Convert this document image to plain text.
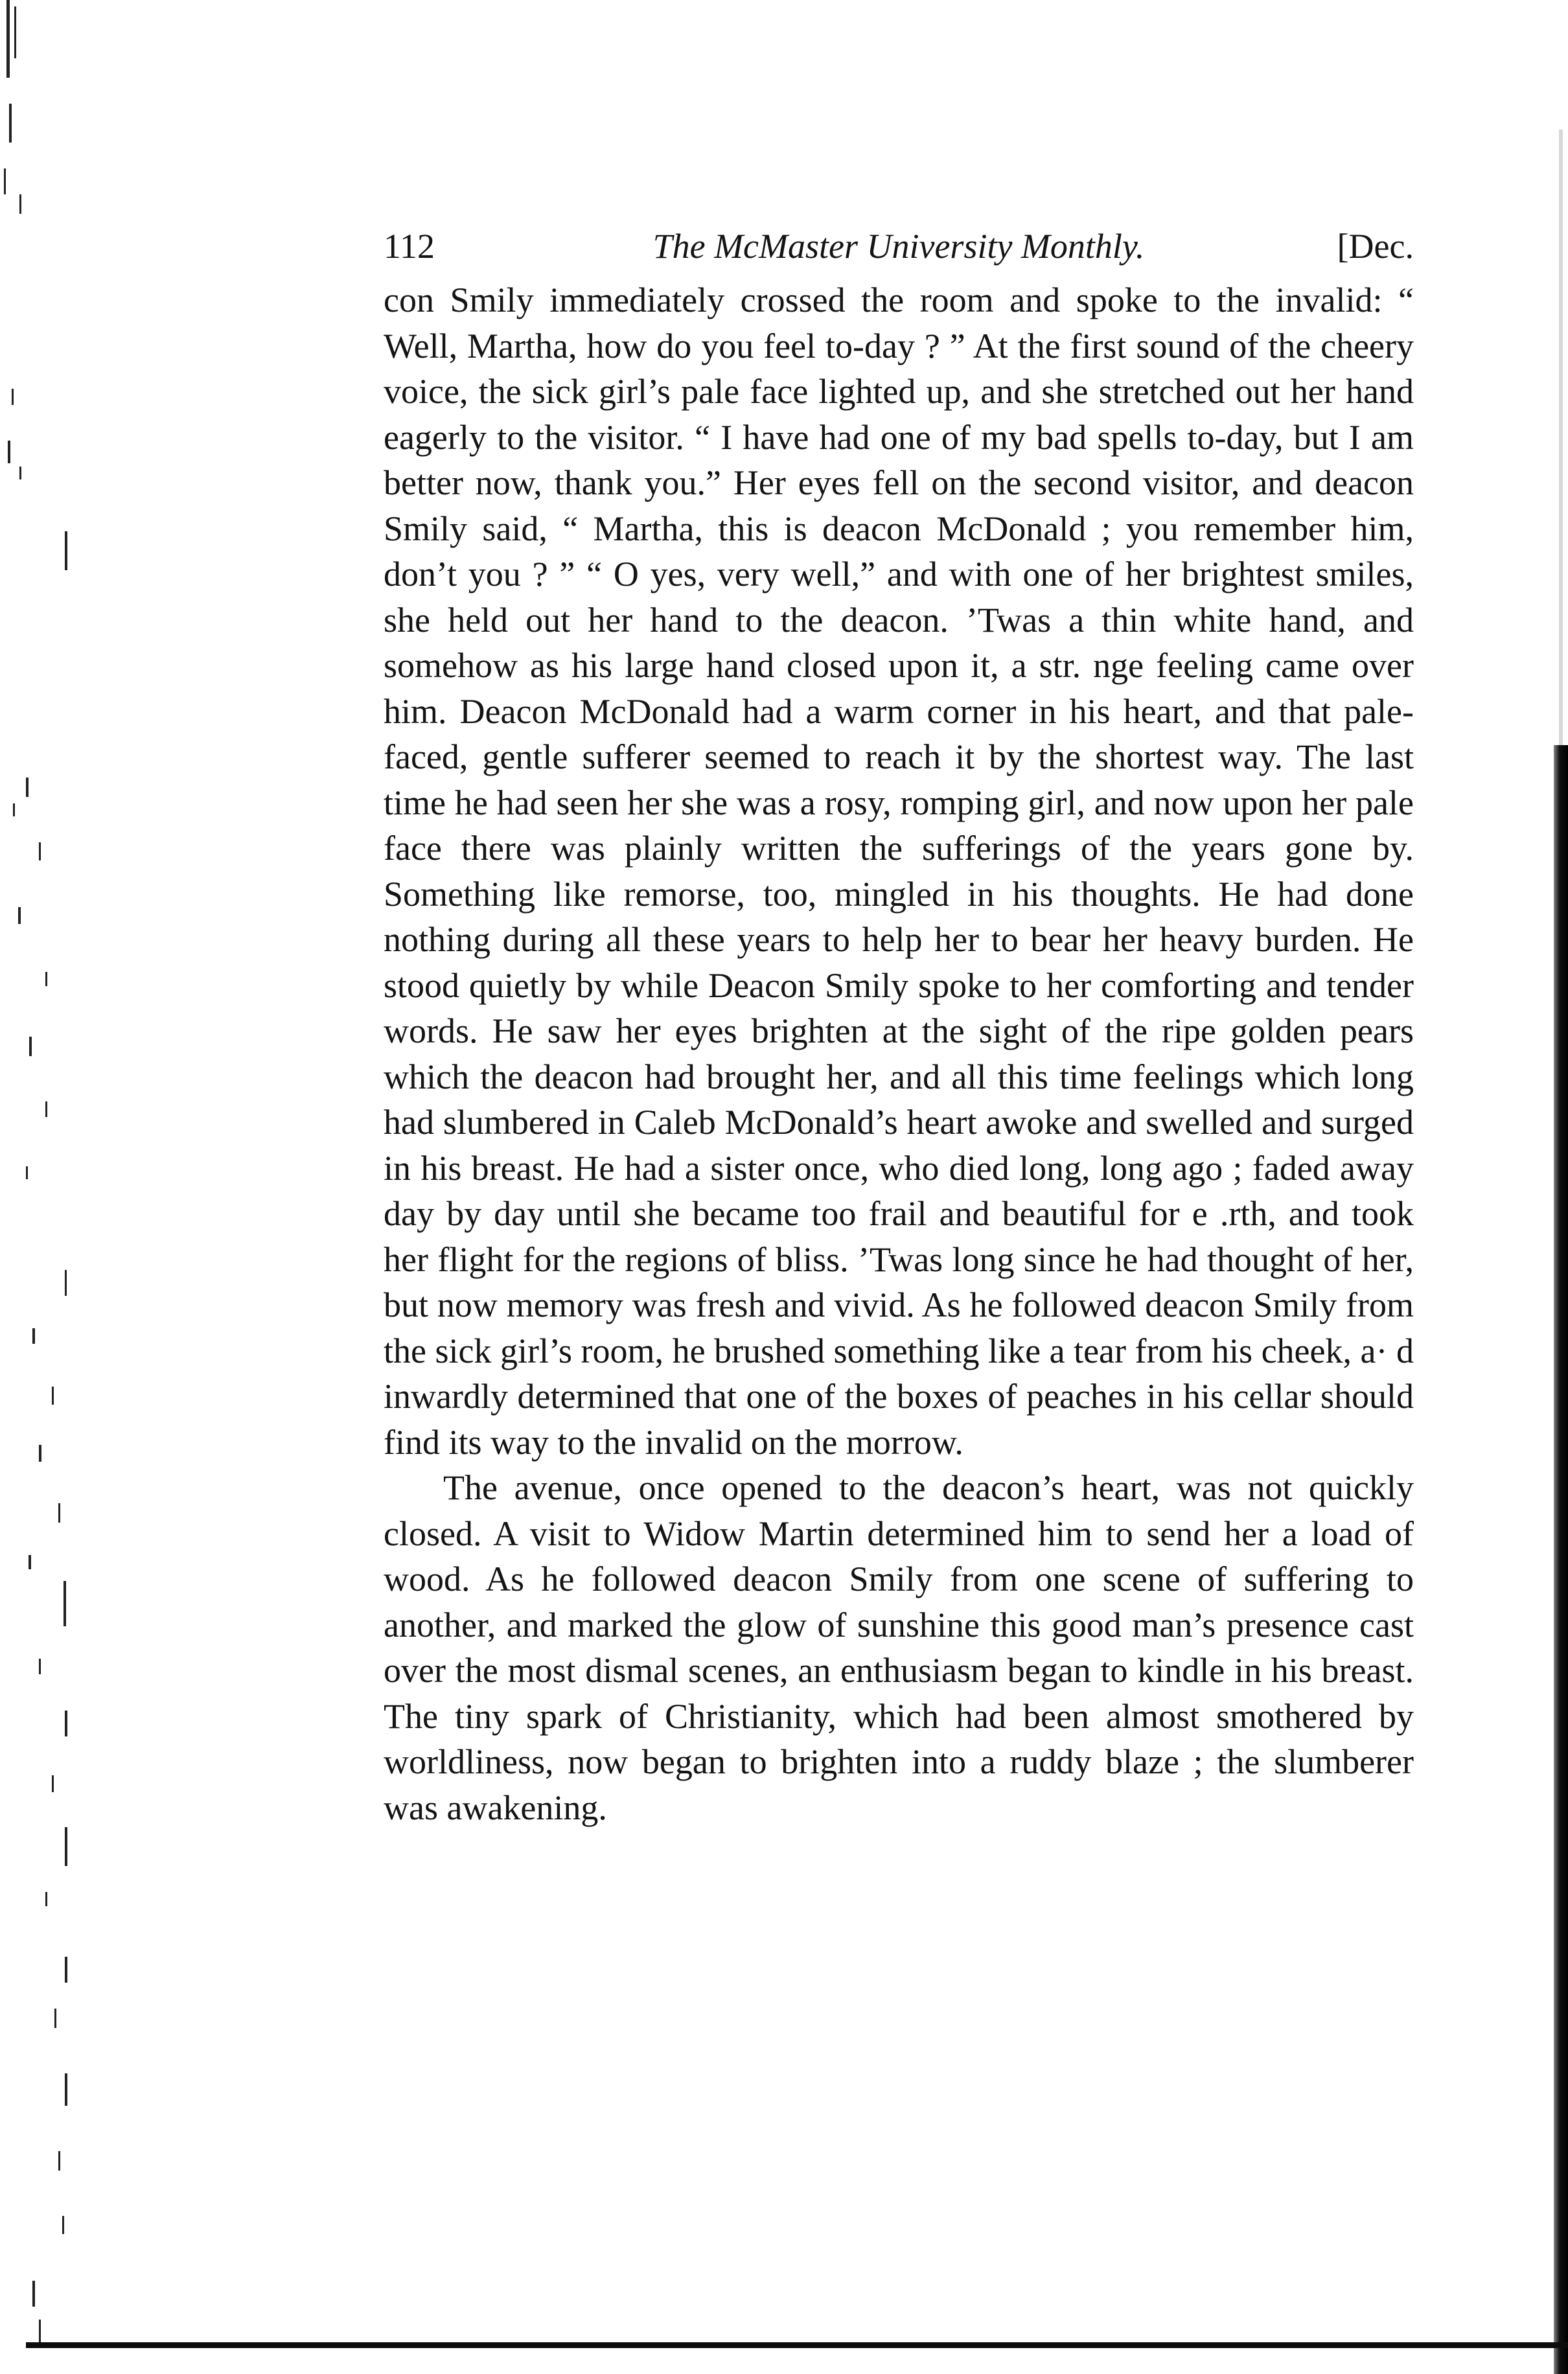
112	The McMaster University Monthly.	[Dec.

con Smily immediately crossed the room and spoke to the invalid: “ Well, Martha, how do you feel to-day ? ” At the first sound of the cheery voice, the sick girl’s pale face lighted up, and she stretched out her hand eagerly to the visitor. “ I have had one of my bad spells to-day, but I am better now, thank you.” Her eyes fell on the second visitor, and deacon Smily said, “ Martha, this is deacon McDonald ; you remember him, don’t you ? ” “ O yes, very well,” and with one of her brightest smiles, she held out her hand to the deacon. ’Twas a thin white hand, and somehow as his large hand closed upon it, a str. nge feeling came over him. Deacon McDonald had a warm corner in his heart, and that pale-faced, gentle sufferer seemed to reach it by the shortest way. The last time he had seen her she was a rosy, romping girl, and now upon her pale face there was plainly written the sufferings of the years gone by. Something like remorse, too, mingled in his thoughts. He had done nothing during all these years to help her to bear her heavy burden. He stood quietly by while Deacon Smily spoke to her comforting and tender words. He saw her eyes brighten at the sight of the ripe golden pears which the deacon had brought her, and all this time feelings which long had slumbered in Caleb McDonald’s heart awoke and swelled and surged in his breast. He had a sister once, who died long, long ago ; faded away day by day until she became too frail and beautiful for e .rth, and took her flight for the regions of bliss. ’Twas long since he had thought of her, but now memory was fresh and vivid. As he followed deacon Smily from the sick girl’s room, he brushed something like a tear from his cheek, a· d inwardly determined that one of the boxes of peaches in his cellar should find its way to the invalid on the morrow.

The avenue, once opened to the deacon’s heart, was not quickly closed. A visit to Widow Martin determined him to send her a load of wood. As he followed deacon Smily from one scene of suffering to another, and marked the glow of sunshine this good man’s presence cast over the most dismal scenes, an enthusiasm began to kindle in his breast. The tiny spark of Christianity, which had been almost smothered by worldliness, now began to brighten into a ruddy blaze ; the slumberer was awakening.
